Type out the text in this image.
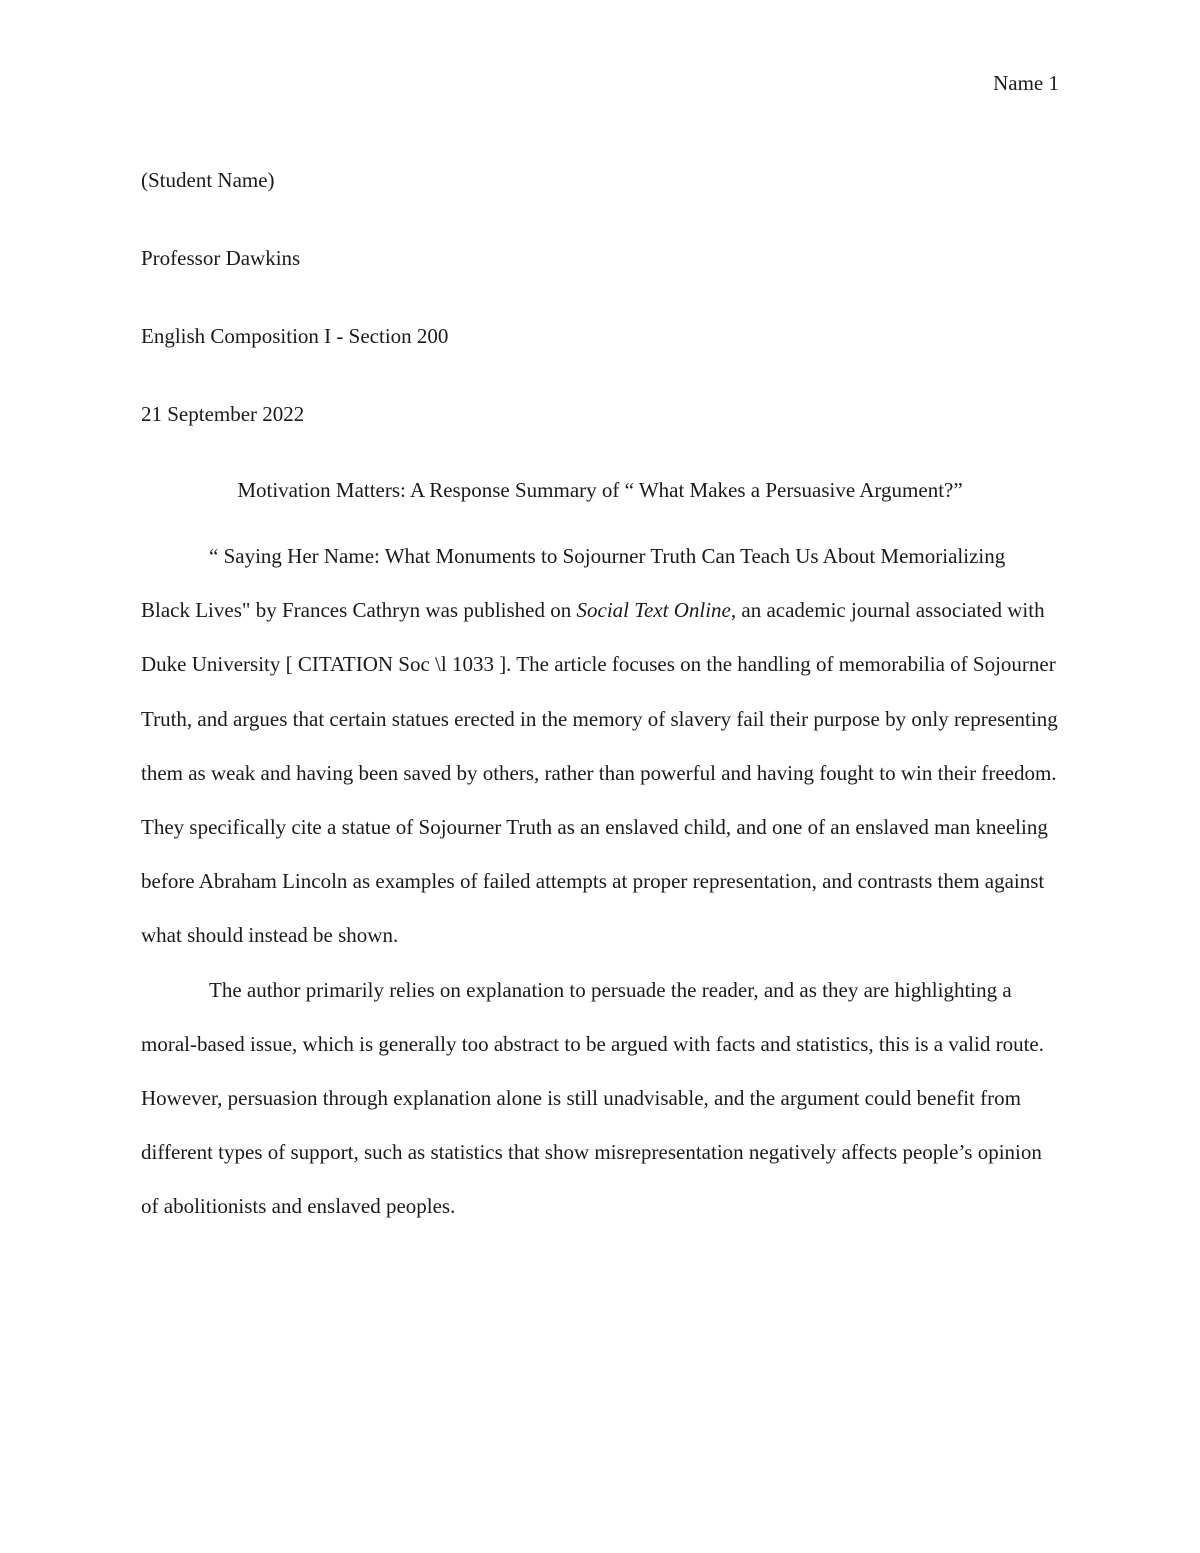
Name 1
(Student Name)
Professor Dawkins
English Composition I - Section 200
21 September 2022
Motivation Matters: A Response Summary of “ What Makes a Persuasive Argument?”

“ Saying Her Name: What Monuments to Sojourner Truth Can Teach Us About Memorializing Black Lives" by Frances Cathryn was published on Social Text Online, an academic journal associated with Duke University [ CITATION Soc \l 1033 ]. The article focuses on the handling of memorabilia of Sojourner Truth, and argues that certain statues erected in the memory of slavery fail their purpose by only representing them as weak and having been saved by others, rather than powerful and having fought to win their freedom. They specifically cite a statue of Sojourner Truth as an enslaved child, and one of an enslaved man kneeling before Abraham Lincoln as examples of failed attempts at proper representation, and contrasts them against what should instead be shown.

The author primarily relies on explanation to persuade the reader, and as they are highlighting a moral-based issue, which is generally too abstract to be argued with facts and statistics, this is a valid route. However, persuasion through explanation alone is still unadvisable, and the argument could benefit from different types of support, such as statistics that show misrepresentation negatively affects people’s opinion of abolitionists and enslaved peoples.
